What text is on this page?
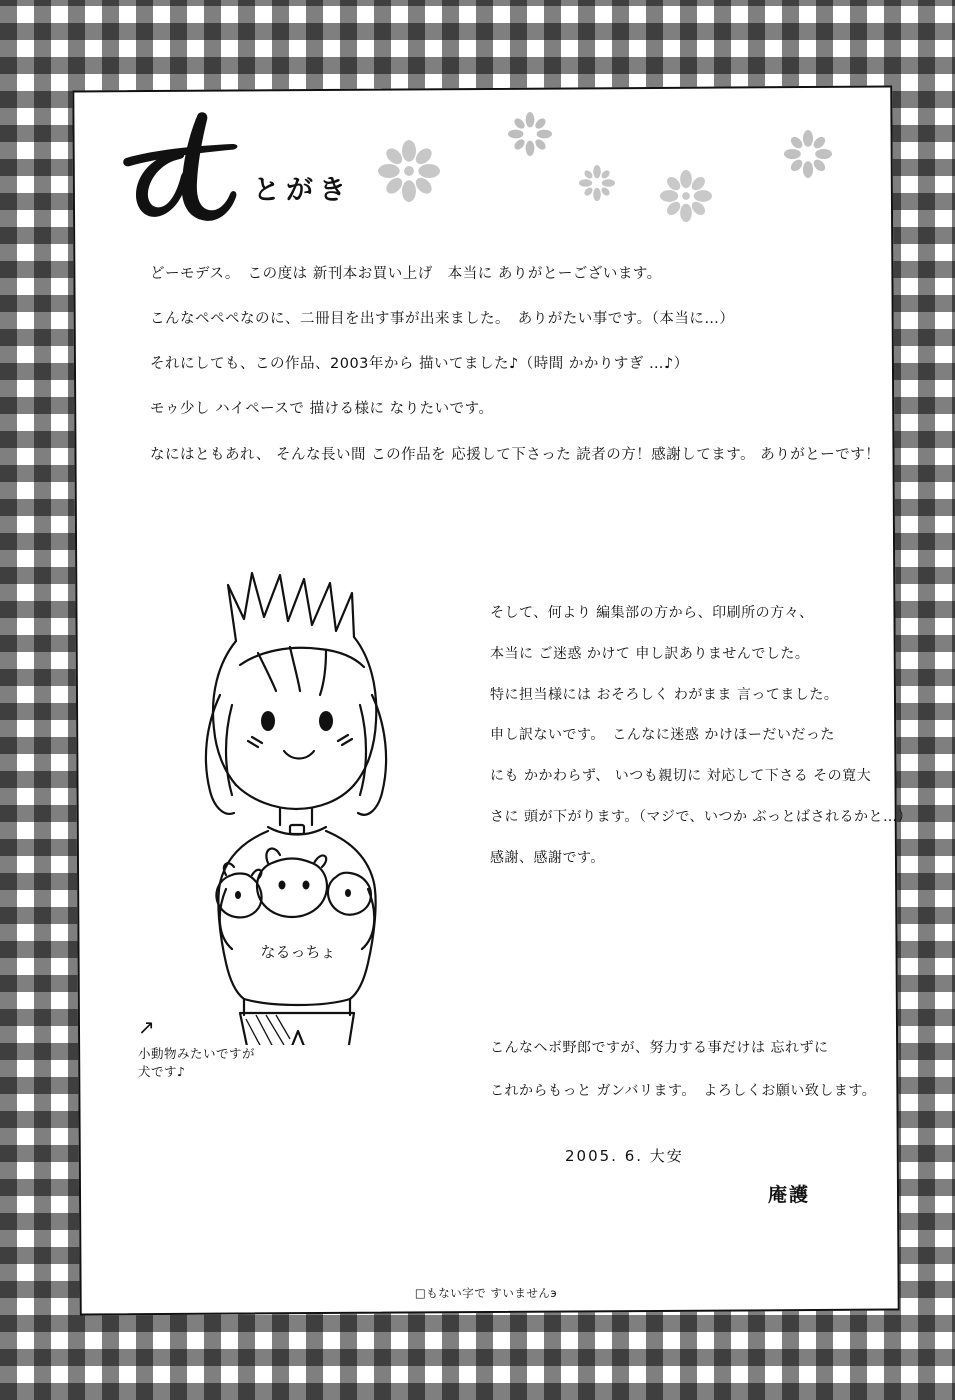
とがき
どーモデス。　この度は 新刊本お買い上げ　本当に ありがとーございます。
こんなペペペなのに、二冊目を出す事が出来ました。　ありがたい事です。（本当に…）
それにしても、この作品、2003年から 描いてました♪（時間 かかりすぎ …♪）
モゥ少し ハイペースで 描ける様に なりたいです。
なにはともあれ、 そんな長い間 この作品を 応援して下さった 読者の方！感謝してます。 ありがとーです！
なるっちょ
↗
小動物みたいですが
犬です♪
そして、何より 編集部の方から、印刷所の方々、
本当に ご迷惑 かけて 申し訳ありませんでした。
特に担当様には おそろしく わがまま 言ってました。
申し訳ないです。　こんなに迷惑 かけほーだいだった
にも かかわらず、 いつも親切に 対応して下さる その寛大
さに 頭が下がります。（マジで、いつか ぶっとばされるかと…）
感謝、感謝です。
こんなヘボ野郎ですが、努力する事だけは 忘れずに
これからもっと ガンバリます。　よろしくお願い致します。
2005. 6. 大安
庵護
□もない字で すいませんэ
